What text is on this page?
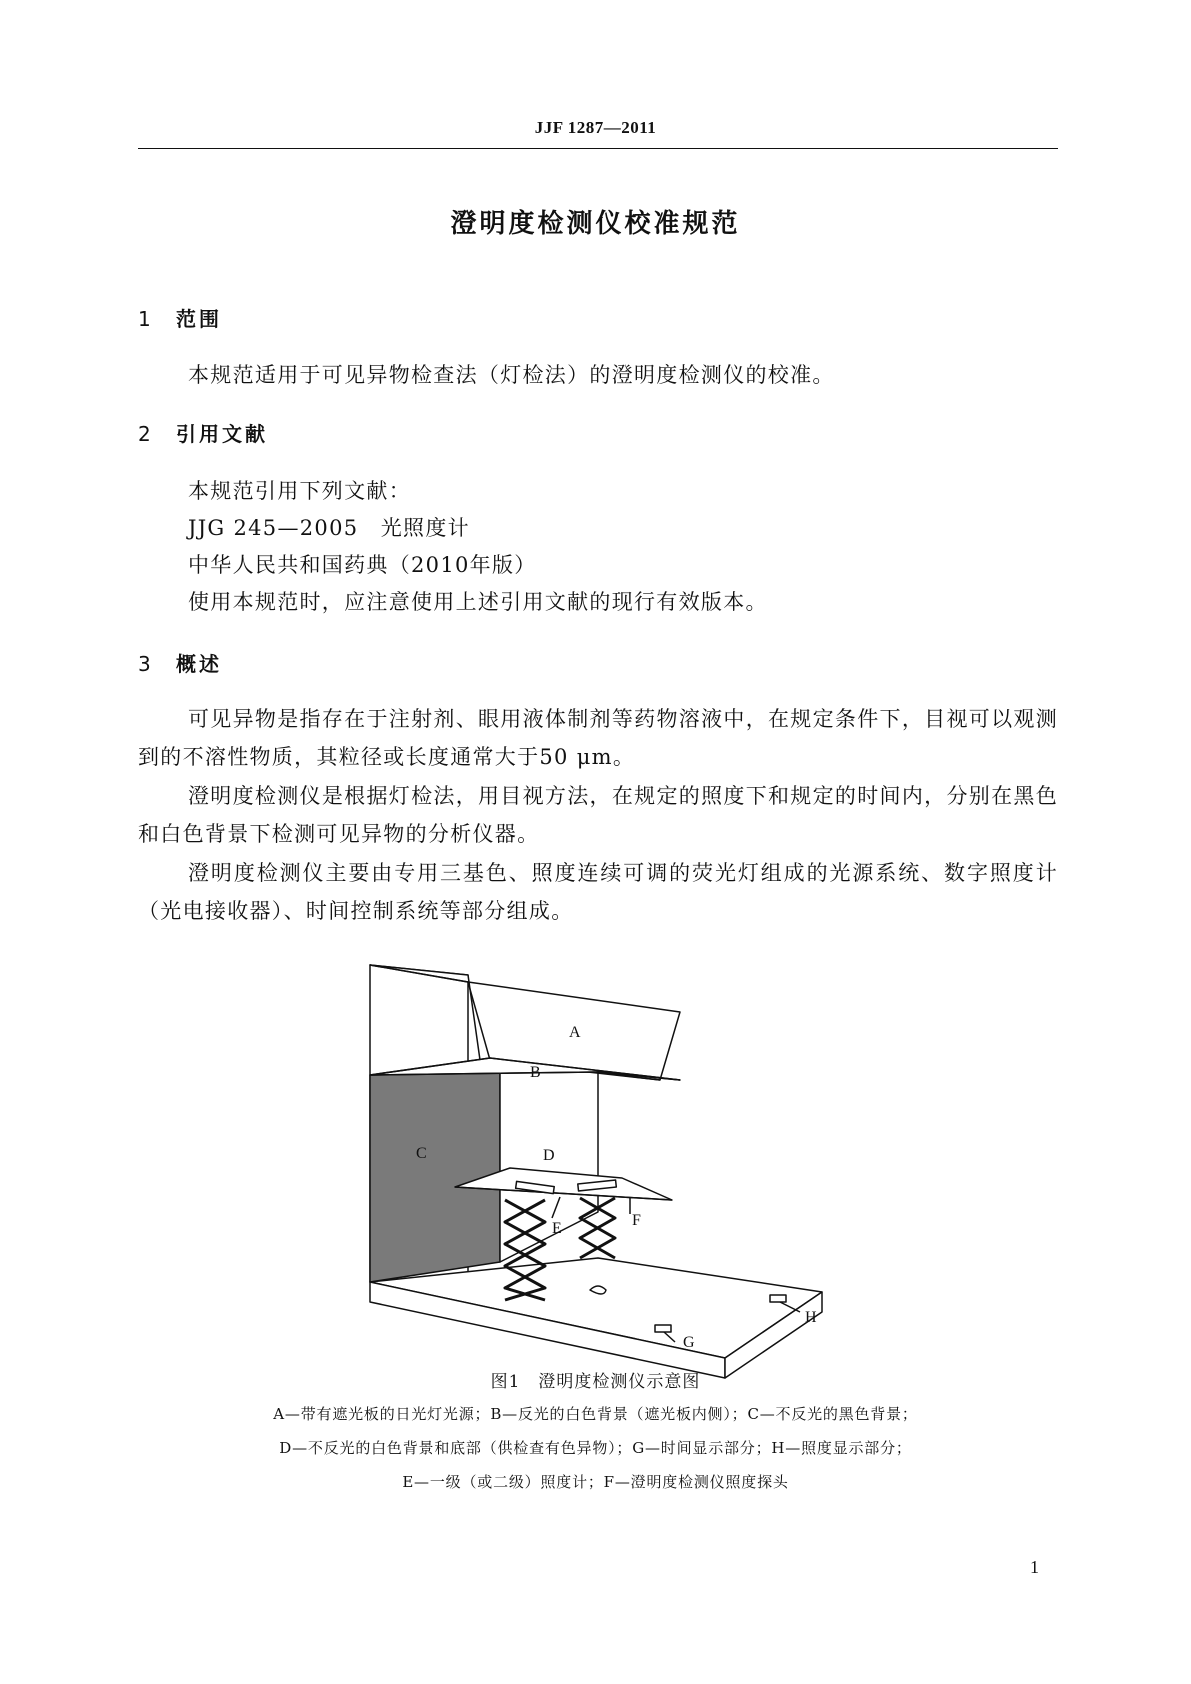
JJF 1287—2011
澄明度检测仪校准规范
1 范围
本规范适用于可见异物检查法（灯检法）的澄明度检测仪的校准。
2 引用文献
本规范引用下列文献：
JJG 245—2005　光照度计
中华人民共和国药典（2010年版）
使用本规范时，应注意使用上述引用文献的现行有效版本。
3 概述
可见异物是指存在于注射剂、眼用液体制剂等药物溶液中，在规定条件下，目视可以观测到的不溶性物质，其粒径或长度通常大于50 μm。
澄明度检测仪是根据灯检法，用目视方法，在规定的照度下和规定的时间内，分别在黑色和白色背景下检测可见异物的分析仪器。
澄明度检测仪主要由专用三基色、照度连续可调的荧光灯组成的光源系统、数字照度计（光电接收器）、时间控制系统等部分组成。
A
B
C	D
E	F
G
H
图1　澄明度检测仪示意图
A—带有遮光板的日光灯光源；B—反光的白色背景（遮光板内侧）；C—不反光的黑色背景；
D—不反光的白色背景和底部（供检查有色异物）；G—时间显示部分；H—照度显示部分；
E—一级（或二级）照度计；F—澄明度检测仪照度探头
1
